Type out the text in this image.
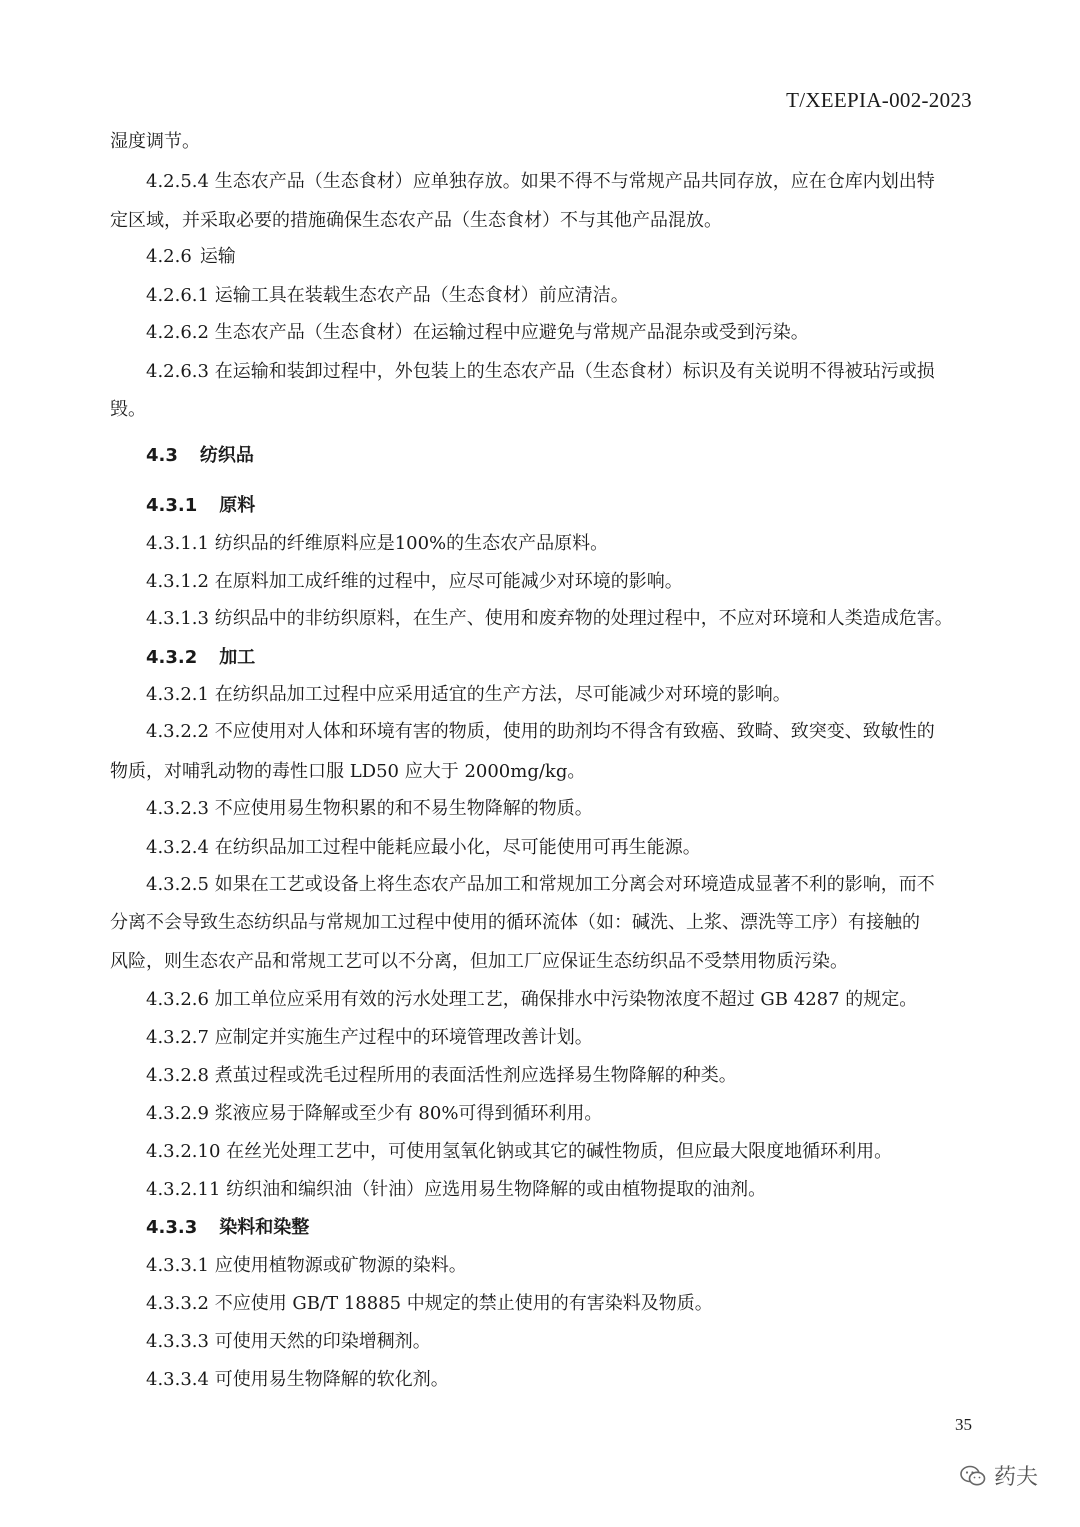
T/XEEPIA-002-2023
湿度调节。
4.2.5.4 生态农产品（生态食材）应单独存放。如果不得不与常规产品共同存放，应在仓库内划出特
定区域，并采取必要的措施确保生态农产品（生态食材）不与其他产品混放。
4.2.6 运输
4.2.6.1 运输工具在装载生态农产品（生态食材）前应清洁。
4.2.6.2 生态农产品（生态食材）在运输过程中应避免与常规产品混杂或受到污染。
4.2.6.3 在运输和装卸过程中，外包装上的生态农产品（生态食材）标识及有关说明不得被玷污或损
毁。
4.3 纺织品
4.3.1 原料
4.3.1.1 纺织品的纤维原料应是100%的生态农产品原料。
4.3.1.2 在原料加工成纤维的过程中，应尽可能减少对环境的影响。
4.3.1.3 纺织品中的非纺织原料，在生产、使用和废弃物的处理过程中，不应对环境和人类造成危害。
4.3.2 加工
4.3.2.1 在纺织品加工过程中应采用适宜的生产方法，尽可能减少对环境的影响。
4.3.2.2 不应使用对人体和环境有害的物质，使用的助剂均不得含有致癌、致畸、致突变、致敏性的
物质，对哺乳动物的毒性口服 LD50 应大于 2000mg/kg。
4.3.2.3 不应使用易生物积累的和不易生物降解的物质。
4.3.2.4 在纺织品加工过程中能耗应最小化，尽可能使用可再生能源。
4.3.2.5 如果在工艺或设备上将生态农产品加工和常规加工分离会对环境造成显著不利的影响，而不
分离不会导致生态纺织品与常规加工过程中使用的循环流体（如：碱洗、上浆、漂洗等工序）有接触的
风险，则生态农产品和常规工艺可以不分离，但加工厂应保证生态纺织品不受禁用物质污染。
4.3.2.6 加工单位应采用有效的污水处理工艺，确保排水中污染物浓度不超过 GB 4287 的规定。
4.3.2.7 应制定并实施生产过程中的环境管理改善计划。
4.3.2.8 煮茧过程或洗毛过程所用的表面活性剂应选择易生物降解的种类。
4.3.2.9 浆液应易于降解或至少有 80%可得到循环利用。
4.3.2.10 在丝光处理工艺中，可使用氢氧化钠或其它的碱性物质，但应最大限度地循环利用。
4.3.2.11 纺织油和编织油（针油）应选用易生物降解的或由植物提取的油剂。
4.3.3 染料和染整
4.3.3.1 应使用植物源或矿物源的染料。
4.3.3.2 不应使用 GB/T 18885 中规定的禁止使用的有害染料及物质。
4.3.3.3 可使用天然的印染增稠剂。
4.3.3.4 可使用易生物降解的软化剂。
35
药夫
